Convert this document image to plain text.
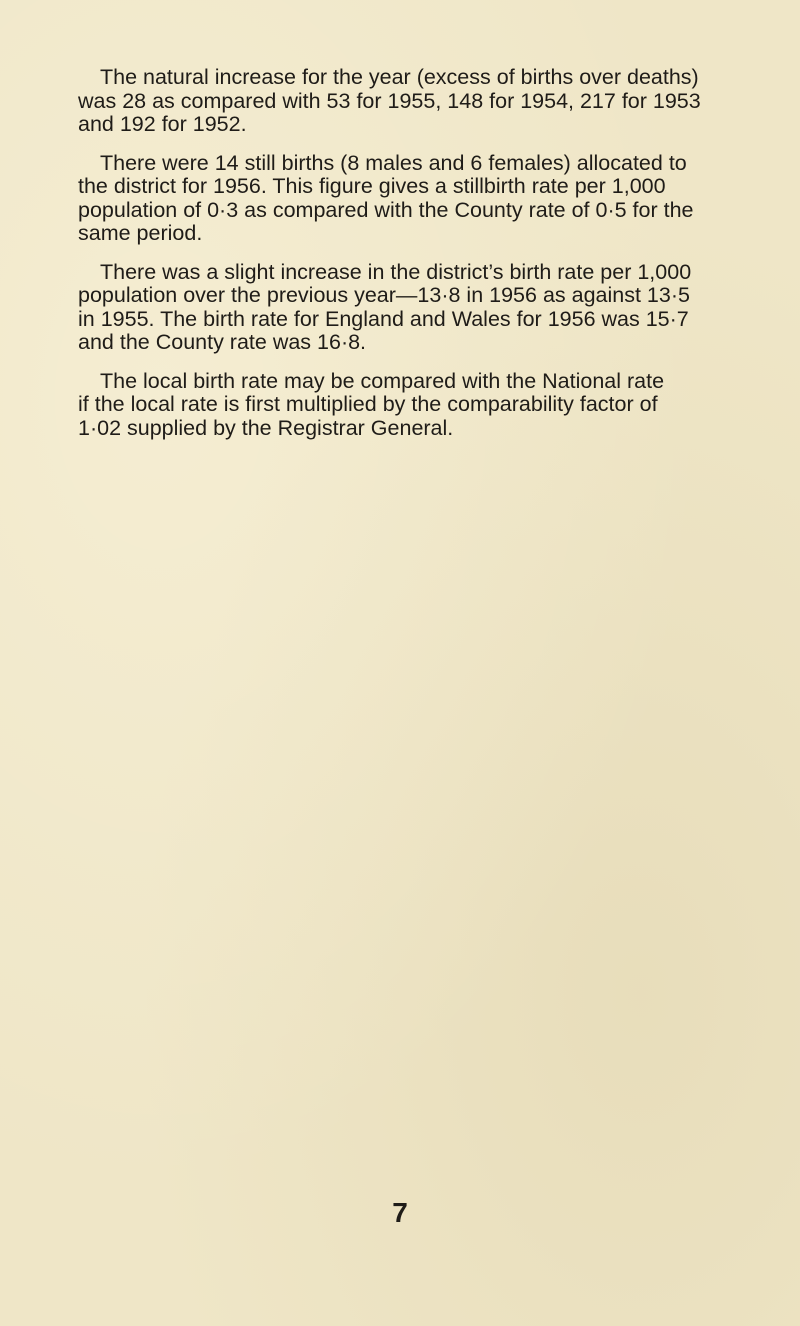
The natural increase for the year (excess of births over deaths)
was 28 as compared with 53 for 1955, 148 for 1954, 217 for 1953
and 192 for 1952.

There were 14 still births (8 males and 6 females) allocated to
the district for 1956. This figure gives a stillbirth rate per 1,000
population of 0·3 as compared with the County rate of 0·5 for the
same period.

There was a slight increase in the district’s birth rate per 1,000
population over the previous year—13·8 in 1956 as against 13·5
in 1955. The birth rate for England and Wales for 1956 was 15·7
and the County rate was 16·8.

The local birth rate may be compared with the National rate
if the local rate is first multiplied by the comparability factor of
1·02 supplied by the Registrar General.

7
